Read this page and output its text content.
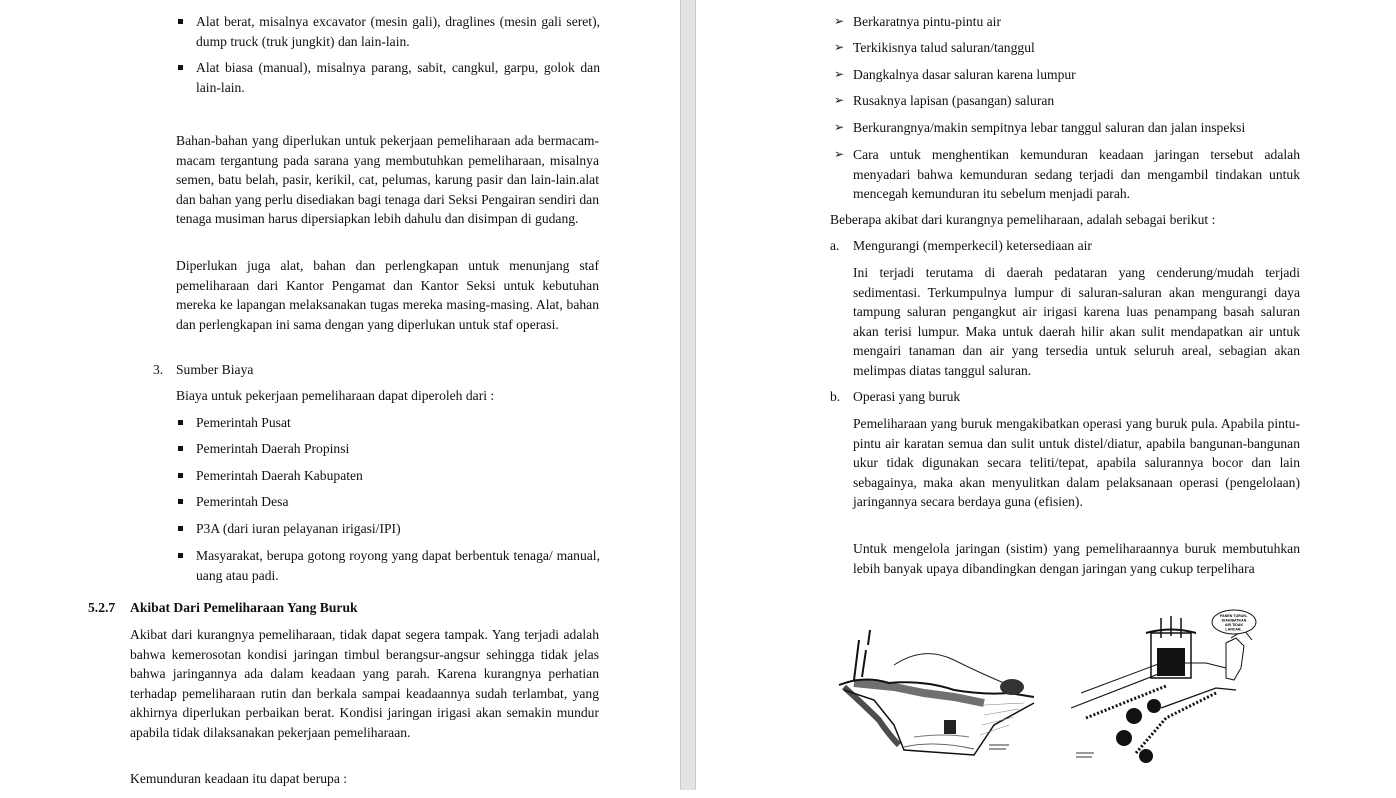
Alat berat, misalnya excavator (mesin gali), draglines (mesin gali seret), dump truck (truk jungkit) dan lain-lain.
Alat biasa (manual), misalnya parang, sabit, cangkul, garpu, golok dan lain-lain.
Bahan-bahan yang diperlukan untuk pekerjaan pemeliharaan ada bermacam-macam tergantung pada sarana yang membutuhkan pemeliharaan, misalnya semen, batu belah, pasir, kerikil, cat, pelumas, karung pasir dan lain-lain.alat dan bahan yang perlu disediakan bagi tenaga dari Seksi Pengairan sendiri dan tenaga musiman harus dipersiapkan lebih dahulu dan disimpan di gudang.
Diperlukan juga alat, bahan dan perlengkapan untuk menunjang staf pemeliharaan dari Kantor Pengamat dan Kantor Seksi untuk kebutuhan mereka ke lapangan melaksanakan tugas mereka masing-masing. Alat, bahan dan perlengkapan ini sama dengan yang diperlukan untuk staf operasi.
3. Sumber Biaya
Biaya untuk pekerjaan pemeliharaan dapat diperoleh dari :
Pemerintah Pusat
Pemerintah Daerah Propinsi
Pemerintah Daerah Kabupaten
Pemerintah Desa
P3A (dari iuran pelayanan irigasi/IPI)
Masyarakat, berupa gotong royong yang dapat berbentuk tenaga/ manual, uang atau padi.
5.2.7 Akibat Dari Pemeliharaan Yang Buruk
Akibat dari kurangnya pemeliharaan, tidak dapat segera tampak. Yang terjadi adalah bahwa kemerosotan kondisi jaringan timbul berangsur-angsur sehingga tidak jelas bahwa jaringannya ada dalam keadaan yang parah. Karena kurangnya perhatian terhadap pemeliharaan rutin dan berkala sampai keadaannya sudah terlambat, yang akhirnya diperlukan perbaikan berat. Kondisi jaringan irigasi akan semakin mundur apabila tidak dilaksanakan pekerjaan pemeliharaan.
Kemunduran keadaan itu dapat berupa :
➢ Berkaratnya pintu-pintu air
➢ Terkikisnya talud saluran/tanggul
➢ Dangkalnya dasar saluran karena lumpur
➢ Rusaknya lapisan (pasangan) saluran
➢ Berkurangnya/makin sempitnya lebar tanggul saluran dan jalan inspeksi
➢ Cara untuk menghentikan kemunduran keadaan jaringan tersebut adalah menyadari bahwa kemunduran sedang terjadi dan mengambil tindakan untuk mencegah kemunduran itu sebelum menjadi parah.
Beberapa akibat dari kurangnya pemeliharaan, adalah sebagai berikut :
a. Mengurangi (memperkecil) ketersediaan air
Ini terjadi terutama di daerah pedataran yang cenderung/mudah terjadi sedimentasi. Terkumpulnya lumpur di saluran-saluran akan mengurangi daya tampung saluran pengangkut air irigasi karena luas penampang basah saluran akan terisi lumpur. Maka untuk daerah hilir akan sulit mendapatkan air untuk mengairi tanaman dan air yang tersedia untuk seluruh areal, sebagian akan melimpas diatas tanggul saluran.
b. Operasi yang buruk
Pemeliharaan yang buruk mengakibatkan operasi yang buruk pula. Apabila pintu-pintu air karatan semua dan sulit untuk distel/diatur, apabila bangunan-bangunan ukur tidak digunakan secara teliti/tepat, apabila salurannya bocor dan lain sebagainya, maka akan menyulitkan dalam pelaksanaan operasi (pengelolaan) jaringannya secara berdaya guna (efisien).
Untuk mengelola jaringan (sistim) yang pemeliharaannya buruk membutuhkan lebih banyak upaya dibandingkan dengan jaringan yang cukup terpelihara
PANEN TURUN..
DIAKIBATKAN
AIR TIDAK
LANCAR..
